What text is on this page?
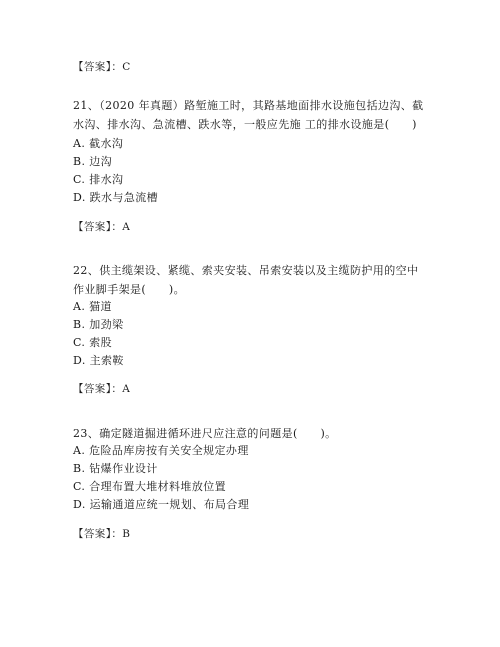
【答案】：C
21、（2020 年真题）路堑施工时，其路基地面排水设施包括边沟、截
水沟、排水沟、急流槽、跌水等，一般应先施 工的排水设施是(　　)
A. 截水沟
B. 边沟
C. 排水沟
D. 跌水与急流槽
【答案】：A
22、供主缆架设、紧缆、索夹安装、吊索安装以及主缆防护用的空中
作业脚手架是(　　)。
A. 猫道
B. 加劲梁
C. 索股
D. 主索鞍
【答案】：A
23、确定隧道掘进循环进尺应注意的问题是(　　)。
A. 危险品库房按有关安全规定办理
B. 钻爆作业设计
C. 合理布置大堆材料堆放位置
D. 运输通道应统一规划、布局合理
【答案】：B
